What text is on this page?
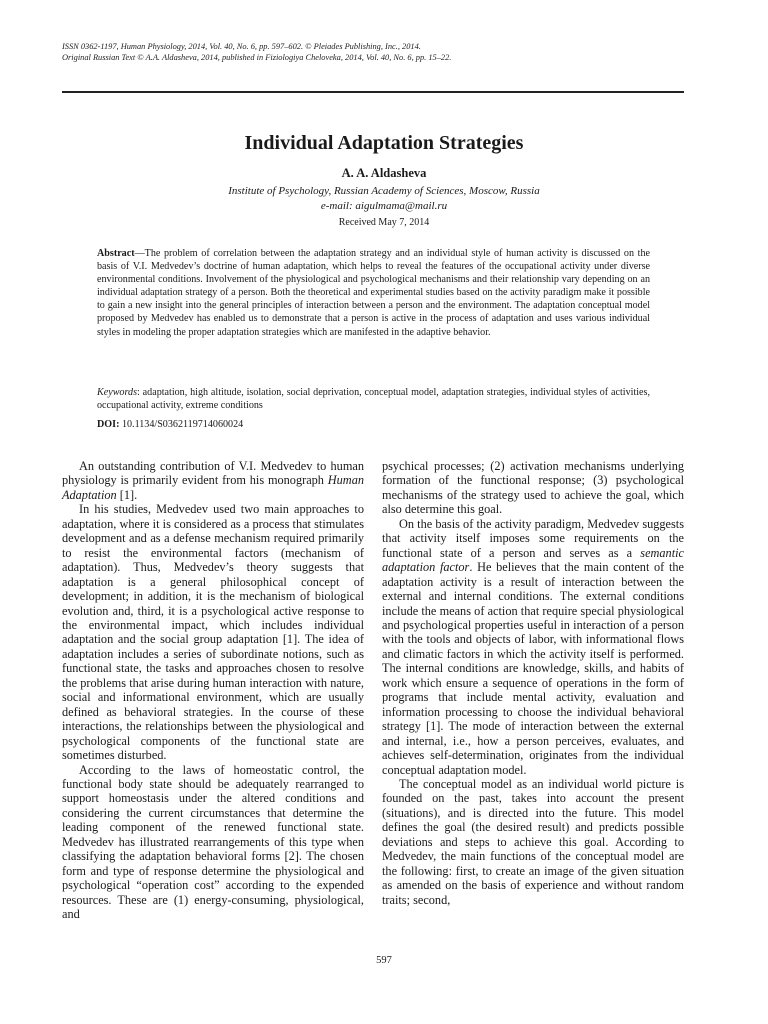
ISSN 0362-1197, Human Physiology, 2014, Vol. 40, No. 6, pp. 597–602. © Pleiades Publishing, Inc., 2014.
Original Russian Text © A.A. Aldasheva, 2014, published in Fiziologiya Cheloveka, 2014, Vol. 40, No. 6, pp. 15–22.
Individual Adaptation Strategies
A. A. Aldasheva
Institute of Psychology, Russian Academy of Sciences, Moscow, Russia
e-mail: aigulmama@mail.ru
Received May 7, 2014
Abstract—The problem of correlation between the adaptation strategy and an individual style of human activity is discussed on the basis of V.I. Medvedev’s doctrine of human adaptation, which helps to reveal the features of the occupational activity under diverse environmental conditions. Involvement of the physiological and psychological mechanisms and their relationship vary depending on an individual adaptation strategy of a person. Both the theoretical and experimental studies based on the activity paradigm make it possible to gain a new insight into the general principles of interaction between a person and the environment. The adaptation conceptual model proposed by Medvedev has enabled us to demonstrate that a person is active in the process of adaptation and uses various individual styles in modeling the proper adaptation strategies which are manifested in the adaptive behavior.
Keywords: adaptation, high altitude, isolation, social deprivation, conceptual model, adaptation strategies, individual styles of activities, occupational activity, extreme conditions
DOI: 10.1134/S0362119714060024

An outstanding contribution of V.I. Medvedev to human physiology is primarily evident from his monograph Human Adaptation [1].

In his studies, Medvedev used two main approaches to adaptation, where it is considered as a process that stimulates development and as a defense mechanism required primarily to resist the environmental factors (mechanism of adaptation). Thus, Medvedev’s theory suggests that adaptation is a general philosophical concept of development; in addition, it is the mechanism of biological evolution and, third, it is a psychological active response to the environmental impact, which includes individual adaptation and the social group adaptation [1]. The idea of adaptation includes a series of subordinate notions, such as functional state, the tasks and approaches chosen to resolve the problems that arise during human interaction with nature, social and informational environment, which are usually defined as behavioral strategies. In the course of these interactions, the relationships between the physiological and psychological components of the functional state are sometimes disturbed.

According to the laws of homeostatic control, the functional body state should be adequately rearranged to support homeostasis under the altered conditions and considering the current circumstances that determine the leading component of the renewed functional state. Medvedev has illustrated rearrangements of this type when classifying the adaptation behavioral forms [2]. The chosen form and type of response determine the physiological and psychological “operation cost” according to the expended resources. These are (1) energy-consuming, physiological, and

psychical processes; (2) activation mechanisms underlying formation of the functional response; (3) psychological mechanisms of the strategy used to achieve the goal, which also determine this goal.

On the basis of the activity paradigm, Medvedev suggests that activity itself imposes some requirements on the functional state of a person and serves as a semantic adaptation factor. He believes that the main content of the adaptation activity is a result of interaction between the external and internal conditions. The external conditions include the means of action that require special physiological and psychological properties useful in interaction of a person with the tools and objects of labor, with informational flows and climatic factors in which the activity itself is performed. The internal conditions are knowledge, skills, and habits of work which ensure a sequence of operations in the form of programs that include mental activity, evaluation and information processing to choose the individual behavioral strategy [1]. The mode of interaction between the external and internal, i.e., how a person perceives, evaluates, and achieves self-determination, originates from the individual conceptual adaptation model.

The conceptual model as an individual world picture is founded on the past, takes into account the present (situations), and is directed into the future. This model defines the goal (the desired result) and predicts possible deviations and steps to achieve this goal. According to Medvedev, the main functions of the conceptual model are the following: first, to create an image of the given situation as amended on the basis of experience and without random traits; second,

597
